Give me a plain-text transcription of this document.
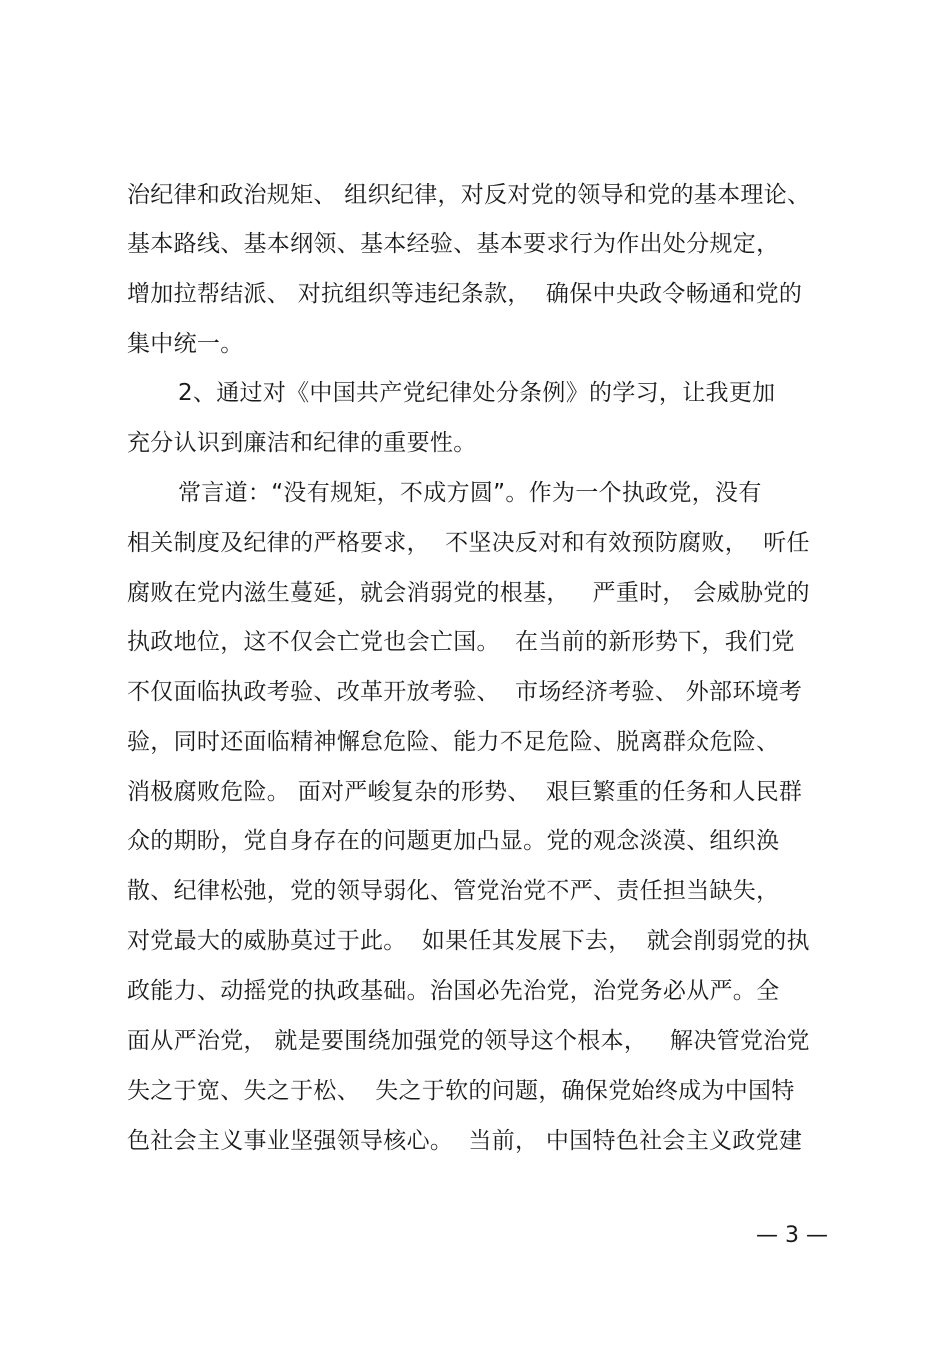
治纪律和政治规矩、 组织纪律，对反对党的领导和党的基本理论、
基本路线、基本纲领、基本经验、基本要求行为作出处分规定，
增加拉帮结派、 对抗组织等违纪条款，  确保中央政令畅通和党的
集中统一。
2、通过对《中国共产党纪律处分条例》的学习，让我更加
充分认识到廉洁和纪律的重要性。
常言道：“没有规矩，不成方圆”。作为一个执政党，没有
相关制度及纪律的严格要求，  不坚决反对和有效预防腐败，  听任
腐败在党内滋生蔓延，就会消弱党的根基，   严重时， 会威胁党的
执政地位，这不仅会亡党也会亡国。  在当前的新形势下，我们党
不仅面临执政考验、改革开放考验、  市场经济考验、 外部环境考
验，同时还面临精神懈怠危险、能力不足危险、脱离群众危险、
消极腐败危险。 面对严峻复杂的形势、  艰巨繁重的任务和人民群
众的期盼，党自身存在的问题更加凸显。党的观念淡漠、组织涣
散、纪律松弛，党的领导弱化、管党治党不严、责任担当缺失，
对党最大的威胁莫过于此。  如果任其发展下去，  就会削弱党的执
政能力、动摇党的执政基础。治国必先治党，治党务必从严。全
面从严治党， 就是要围绕加强党的领导这个根本，   解决管党治党
失之于宽、失之于松、  失之于软的问题，确保党始终成为中国特
色社会主义事业坚强领导核心。  当前， 中国特色社会主义政党建
— 3 —
